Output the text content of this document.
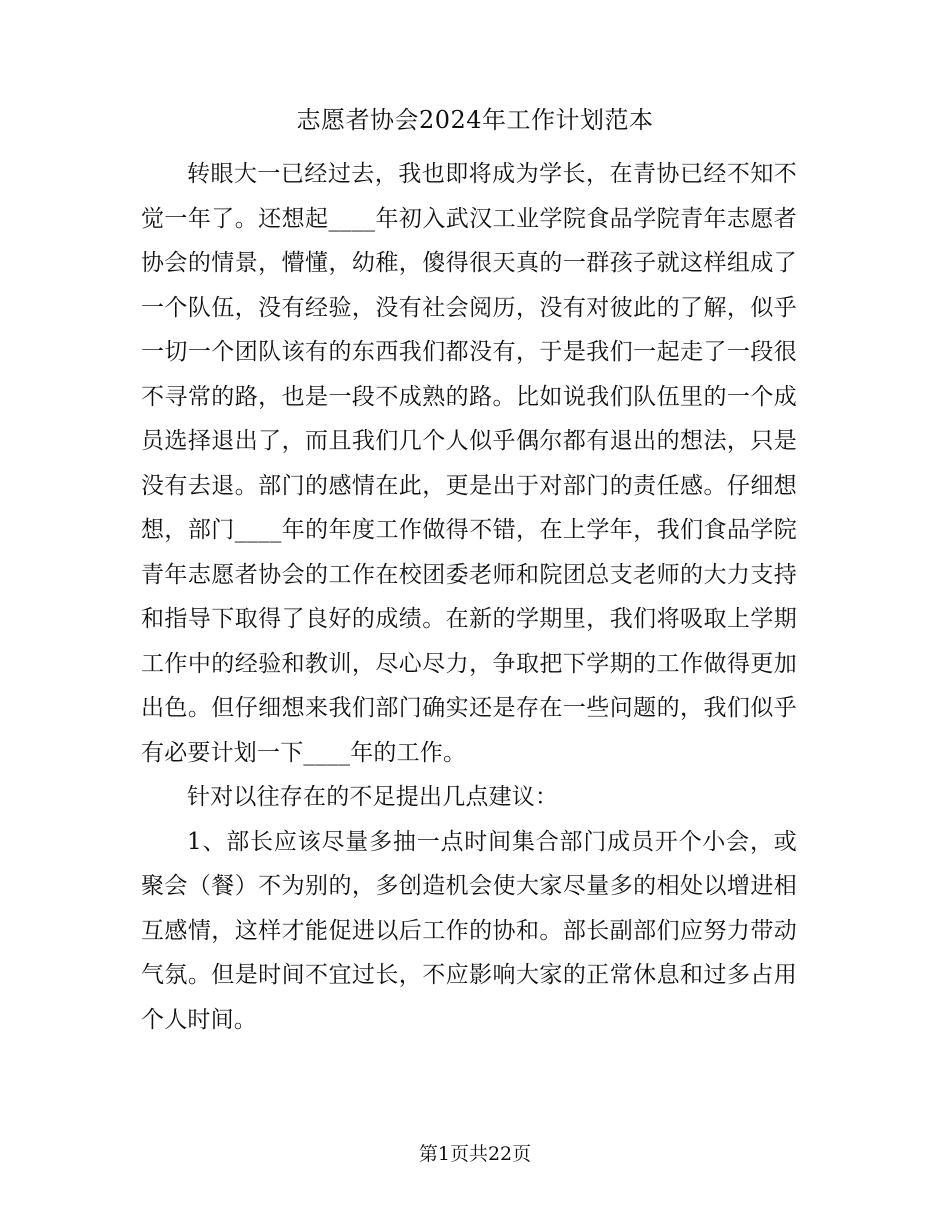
志愿者协会2024年工作计划范本

转眼大一已经过去，我也即将成为学长，在青协已经不知不觉一年了。还想起____年初入武汉工业学院食品学院青年志愿者协会的情景，懵懂，幼稚，傻得很天真的一群孩子就这样组成了一个队伍，没有经验，没有社会阅历，没有对彼此的了解，似乎一切一个团队该有的东西我们都没有，于是我们一起走了一段很不寻常的路，也是一段不成熟的路。比如说我们队伍里的一个成员选择退出了，而且我们几个人似乎偶尔都有退出的想法，只是没有去退。部门的感情在此，更是出于对部门的责任感。仔细想想，部门____年的年度工作做得不错，在上学年，我们食品学院青年志愿者协会的工作在校团委老师和院团总支老师的大力支持和指导下取得了良好的成绩。在新的学期里，我们将吸取上学期工作中的经验和教训，尽心尽力，争取把下学期的工作做得更加出色。但仔细想来我们部门确实还是存在一些问题的，我们似乎有必要计划一下____年的工作。

针对以往存在的不足提出几点建议：

1、部长应该尽量多抽一点时间集合部门成员开个小会，或聚会（餐）不为别的，多创造机会使大家尽量多的相处以增进相互感情，这样才能促进以后工作的协和。部长副部们应努力带动气氛。但是时间不宜过长，不应影响大家的正常休息和过多占用个人时间。

第1页共22页
